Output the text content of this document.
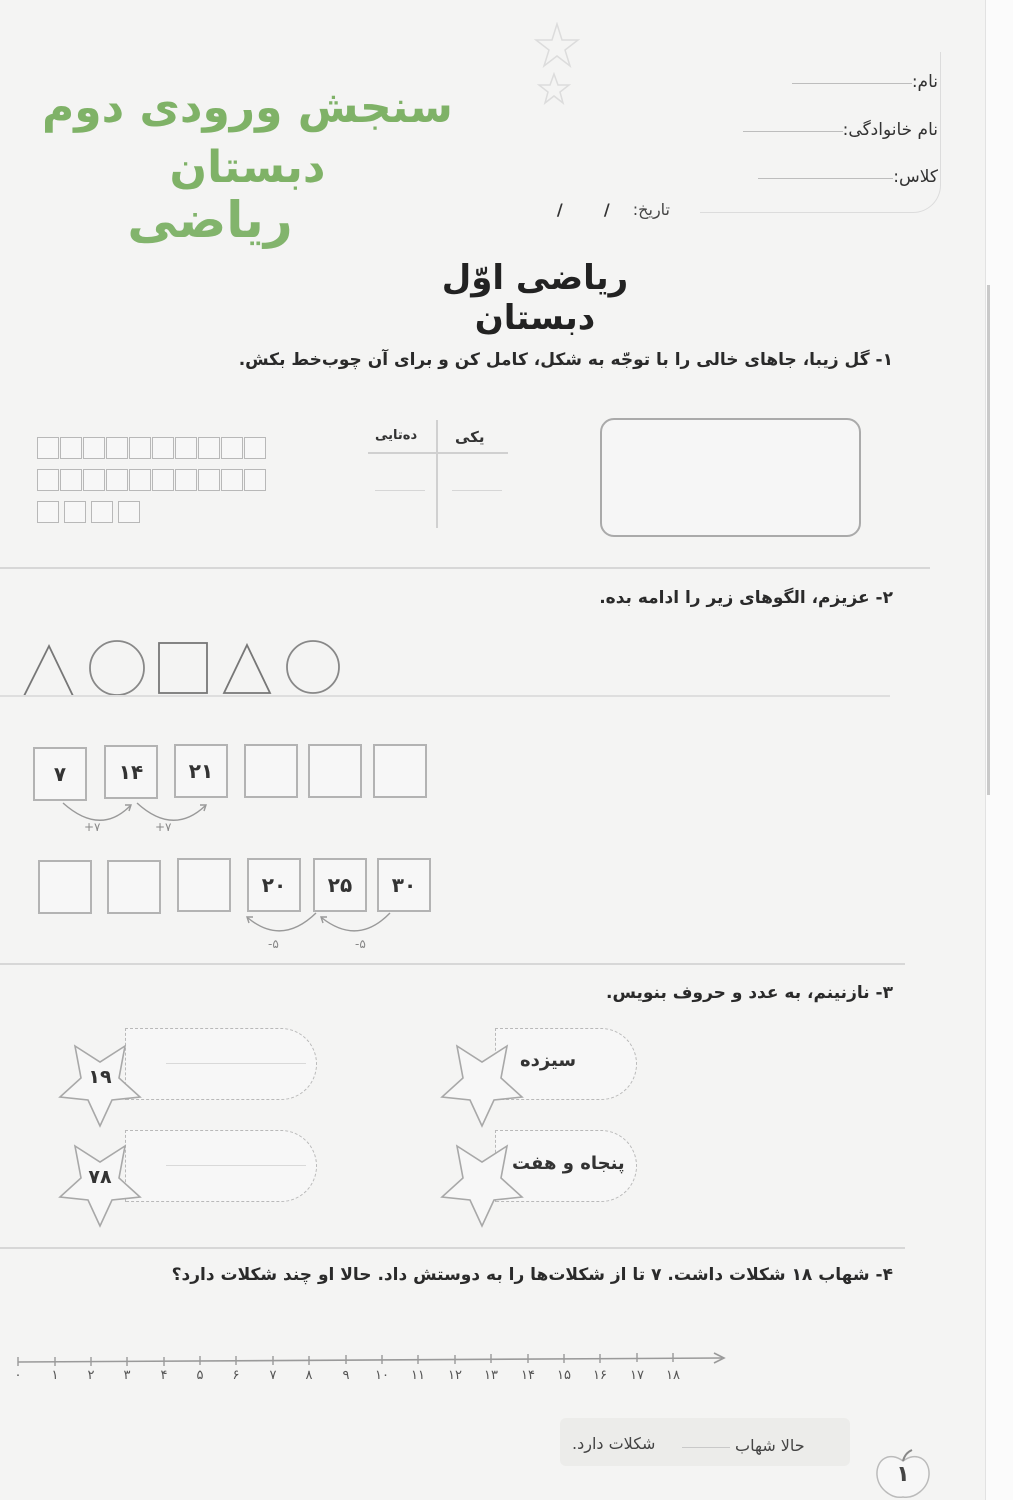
سنجش ورودی دوم دبستان
ریاضی
نام:
نام خانوادگی:
کلاس:
تاریخ: / /
ریاضی اوّل دبستان
۱- گل زیبا، جاهای خالی را با توجّه به شکل، کامل کن و برای آن چوب‌خط بکش.
یکی
ده‌تایی
۲- عزیزم، الگوهای زیر را ادامه بده.
۷	۱۴	۲۱
+۷	+۷
۲۰	۲۵	۳۰
-۵	-۵
۳- نازنینم، به عدد و حروف بنویس.
۱۹
۷۸
سیزده
پنجاه و هفت
۴- شهاب ۱۸ شکلات داشت. ۷ تا از شکلات‌ها را به دوستش داد. حالا او چند شکلات دارد؟
۰	۱	۲	۳	۴	۵	۶	۷	۸	۹	۱۰	۱۱	۱۲	۱۳	۱۴	۱۵	۱۶	۱۷	۱۸
حالا شهاب
شکلات دارد.
۱
